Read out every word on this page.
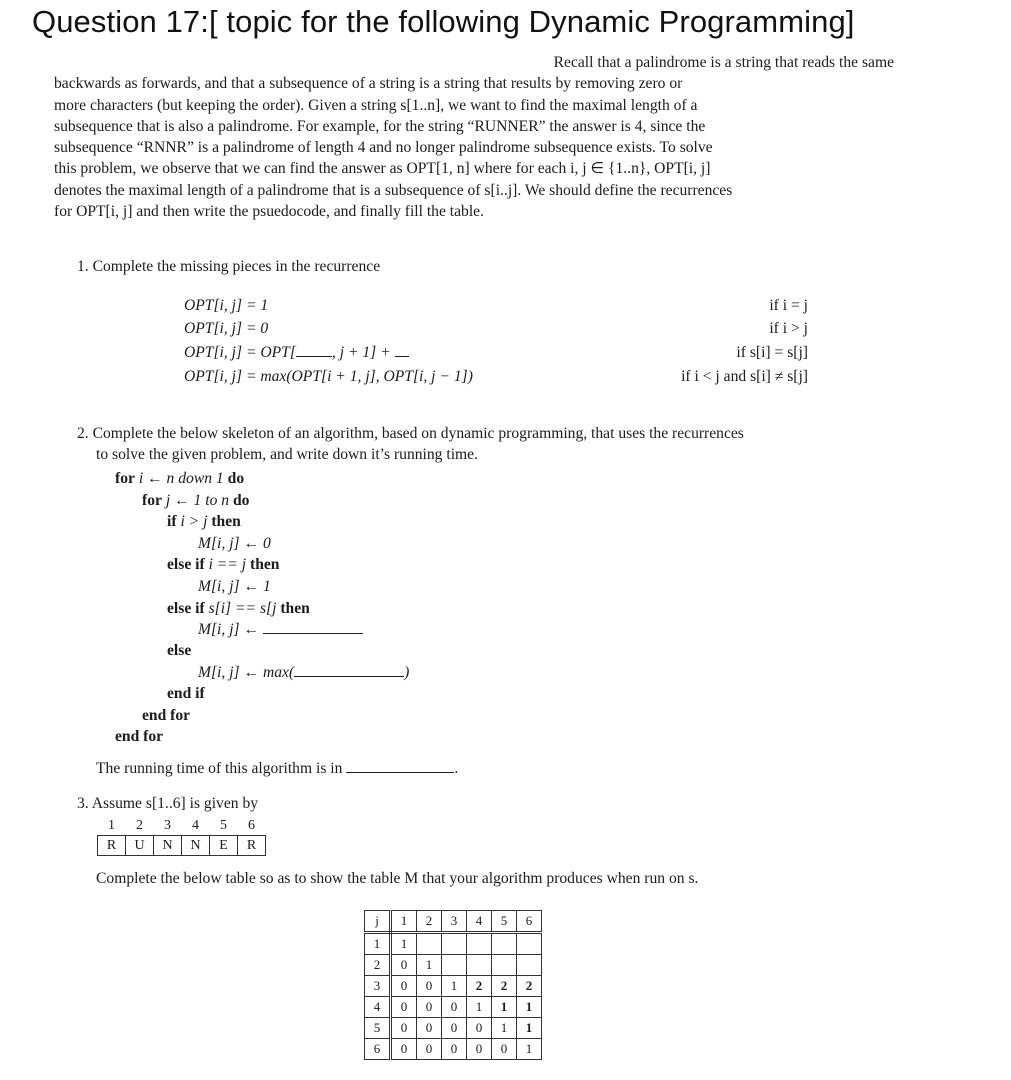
Question 17:[ topic for the following Dynamic Programming]
Recall that a palindrome is a string that reads the same
backwards as forwards, and that a subsequence of a string is a string that results by removing zero or
more characters (but keeping the order). Given a string s[1..n], we want to find the maximal length of a
subsequence that is also a palindrome. For example, for the string “RUNNER” the answer is 4, since the
subsequence “RNNR” is a palindrome of length 4 and no longer palindrome subsequence exists. To solve
this problem, we observe that we can find the answer as OPT[1, n] where for each i, j ∈ {1..n}, OPT[i, j]
denotes the maximal length of a palindrome that is a subsequence of s[i..j]. We should define the recurrences
for OPT[i, j] and then write the psuedocode, and finally fill the table.
1. Complete the missing pieces in the recurrence
OPT[i, j] = 1	if i = j
OPT[i, j] = 0	if i > j
OPT[i, j] = OPT[ , j + 1] +	if s[i] = s[j]
OPT[i, j] = max(OPT[i + 1, j], OPT[i, j − 1])	if i < j and s[i] ≠ s[j]
2. Complete the below skeleton of an algorithm, based on dynamic programming, that uses the recurrences
to solve the given problem, and write down it’s running time.
for i ← n down 1 do
for j ← 1 to n do
if i > j then
M[i, j] ← 0
else if i == j then
M[i, j] ← 1
else if s[i] == s[j then
M[i, j] ←
else
M[i, j] ← max(	)
end if
end for
end for
The running time of this algorithm is in	.
3. Assume s[1..6] is given by
1	2	3	4	5	6
R	U	N	N	E	R
Complete the below table so as to show the table M that your algorithm produces when run on s.
j	1	2	3	4	5	6
1	1					
2	0	1				
3	0	0	1	2	2	2
4	0	0	0	1	1	1
5	0	0	0	0	1	1
6	0	0	0	0	0	1
